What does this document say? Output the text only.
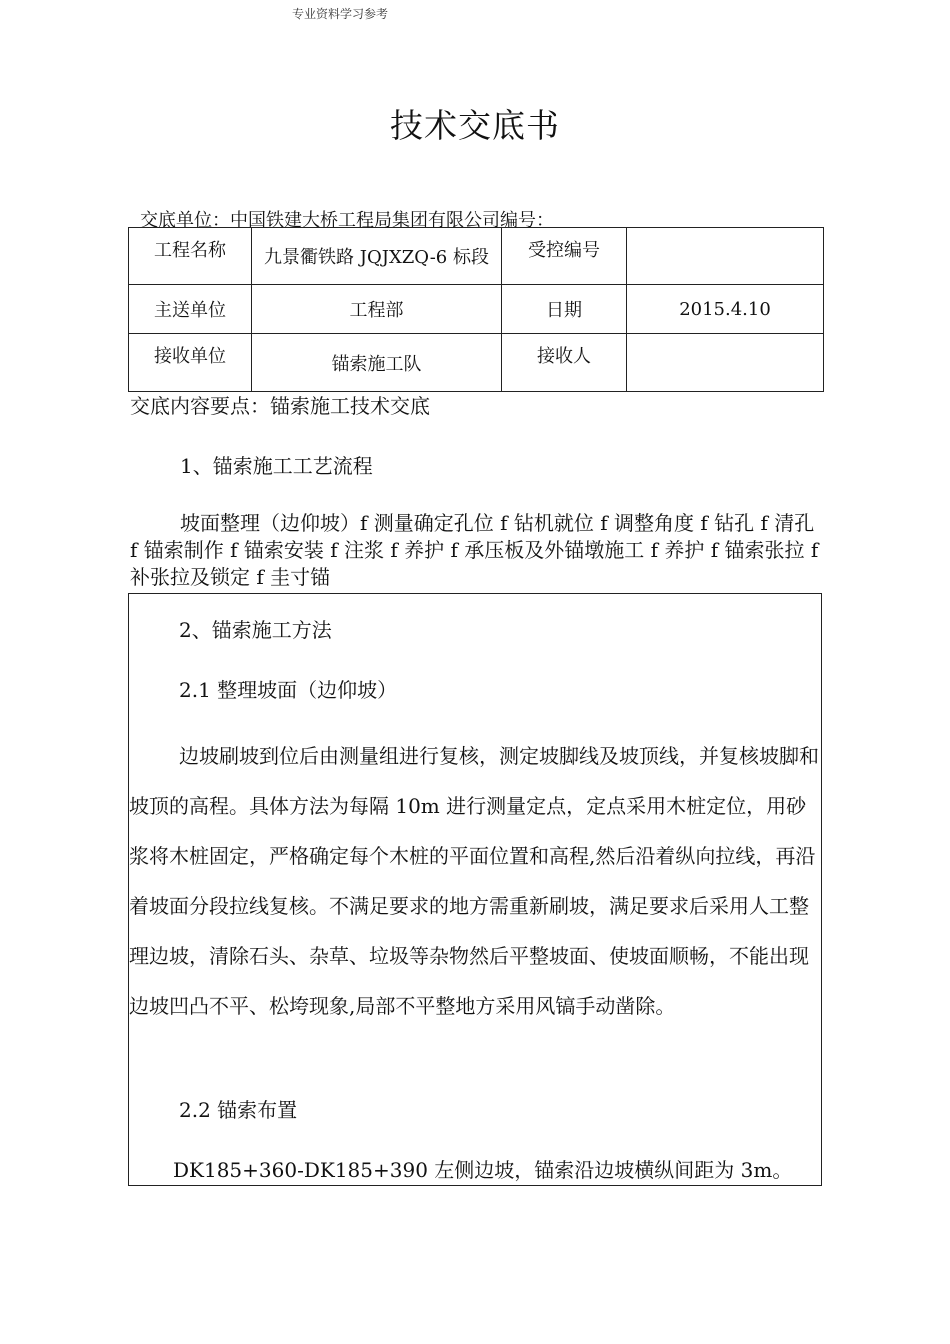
专业资料学习参考
技术交底书
交底单位：中国铁建大桥工程局集团有限公司编号：
工程名称	九景衢铁路 JQJXZQ-6 标段	受控编号	
主送单位	工程部	日期	2015.4.10
接收单位	锚索施工队	接收人	
交底内容要点：锚索施工技术交底
1、锚索施工工艺流程
坡面整理（边仰坡）f 测量确定孔位 f 钻机就位 f 调整角度 f 钻孔 f 清孔 f 锚索制作 f 锚索安装 f 注浆 f 养护 f 承压板及外锚墩施工 f 养护 f 锚索张拉 f 补张拉及锁定 f 圭寸锚

2、锚索施工方法

2.1 整理坡面（边仰坡）

边坡刷坡到位后由测量组进行复核，测定坡脚线及坡顶线，并复核坡脚和坡顶的高程。具体方法为每隔 10m 进行测量定点，定点采用木桩定位，用砂浆将木桩固定，严格确定每个木桩的平面位置和高程,然后沿着纵向拉线，再沿着坡面分段拉线复核。不满足要求的地方需重新刷坡，满足要求后采用人工整理边坡，清除石头、杂草、垃圾等杂物然后平整坡面、使坡面顺畅，不能出现边坡凹凸不平、松垮现象,局部不平整地方采用风镐手动凿除。

2.2 锚索布置

DK185+360-DK185+390 左侧边坡，锚索沿边坡横纵间距为 3m。
